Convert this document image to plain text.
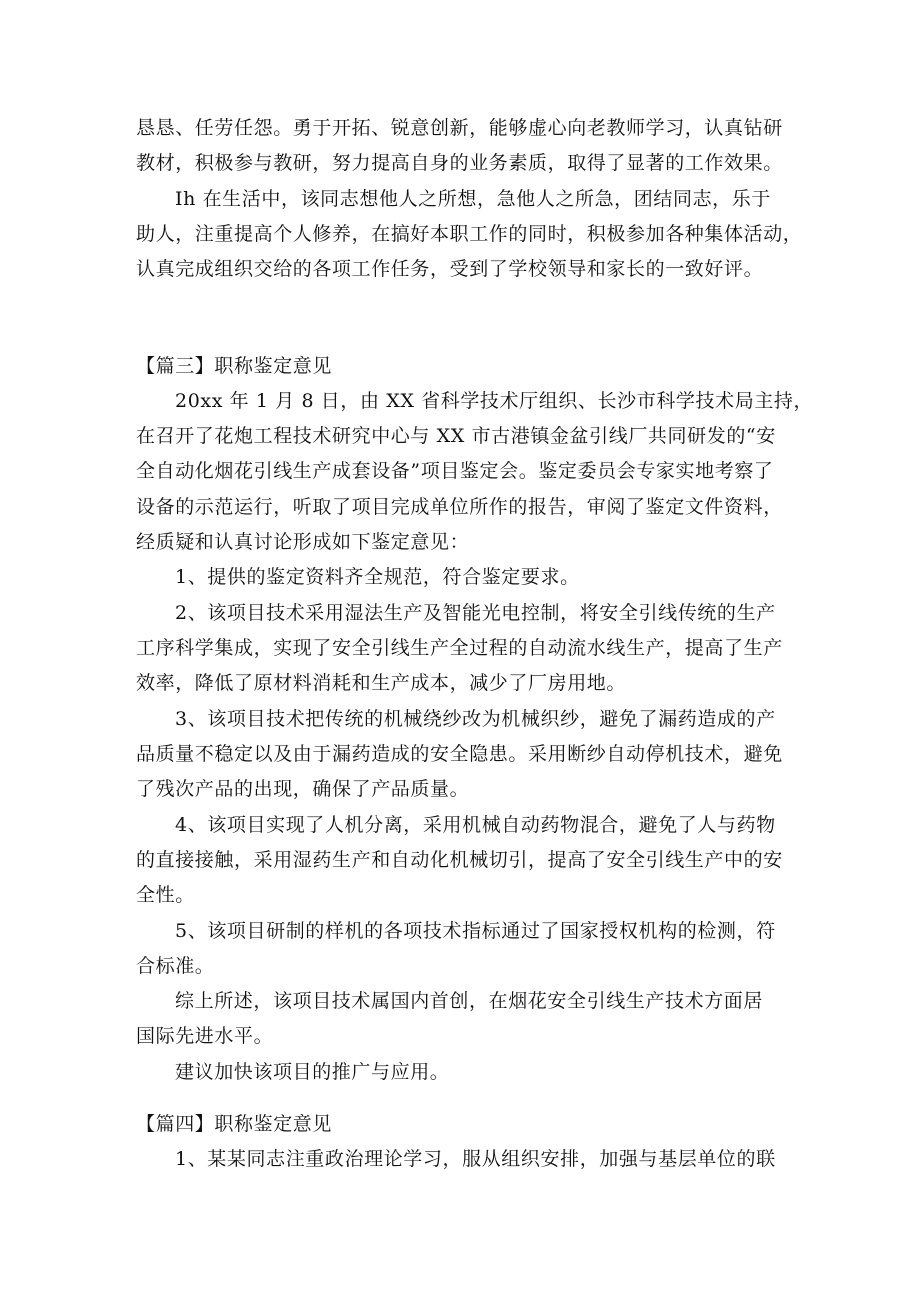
恳恳、任劳任怨。勇于开拓、锐意创新，能够虚心向老教师学习，认真钻研
教材，积极参与教研，努力提高自身的业务素质，取得了显著的工作效果。
Ih 在生活中，该同志想他人之所想，急他人之所急，团结同志，乐于
助人，注重提高个人修养，在搞好本职工作的同时，积极参加各种集体活动，
认真完成组织交给的各项工作任务，受到了学校领导和家长的一致好评。
【篇三】职称鉴定意见
20xx 年 1 月 8 日，由 XX 省科学技术厅组织、长沙市科学技术局主持，
在召开了花炮工程技术研究中心与 XX 市古港镇金盆引线厂共同研发的“安
全自动化烟花引线生产成套设备”项目鉴定会。鉴定委员会专家实地考察了
设备的示范运行，听取了项目完成单位所作的报告，审阅了鉴定文件资料，
经质疑和认真讨论形成如下鉴定意见：
1、提供的鉴定资料齐全规范，符合鉴定要求。
2、该项目技术采用湿法生产及智能光电控制，将安全引线传统的生产
工序科学集成，实现了安全引线生产全过程的自动流水线生产，提高了生产
效率，降低了原材料消耗和生产成本，减少了厂房用地。
3、该项目技术把传统的机械绕纱改为机械织纱，避免了漏药造成的产
品质量不稳定以及由于漏药造成的安全隐患。采用断纱自动停机技术，避免
了残次产品的出现，确保了产品质量。
4、该项目实现了人机分离，采用机械自动药物混合，避免了人与药物
的直接接触，采用湿药生产和自动化机械切引，提高了安全引线生产中的安
全性。
5、该项目研制的样机的各项技术指标通过了国家授权机构的检测，符
合标准。
综上所述，该项目技术属国内首创，在烟花安全引线生产技术方面居
国际先进水平。
建议加快该项目的推广与应用。
【篇四】职称鉴定意见
1、某某同志注重政治理论学习，服从组织安排，加强与基层单位的联
